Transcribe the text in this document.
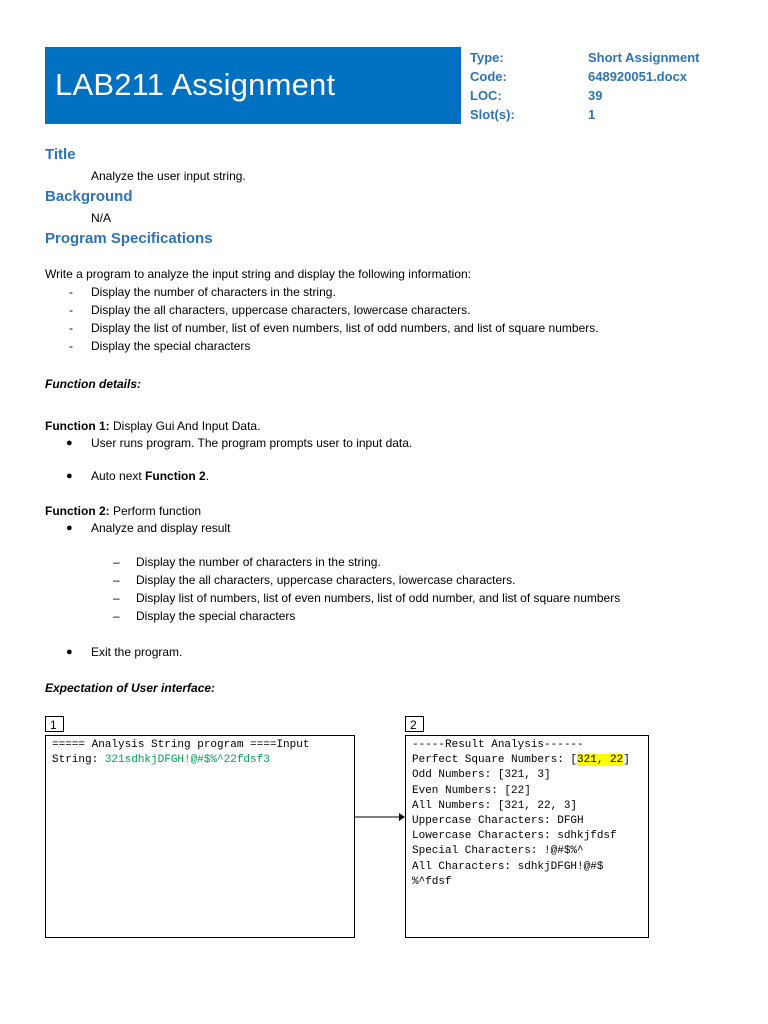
LAB211 Assignment
Type:	Short Assignment
Code:	648920051.docx
LOC:	39
Slot(s):	1
Title
Analyze the user input string.
Background
N/A
Program Specifications
Write a program to analyze the input string and display the following information:
- Display the number of characters in the string.
- Display the all characters, uppercase characters, lowercase characters.
- Display the list of number, list of even numbers, list of odd numbers, and list of square numbers.
- Display the special characters
Function details:
Function 1: Display Gui And Input Data.
● User runs program. The program prompts user to input data.
● Auto next Function 2.
Function 2: Perform function
● Analyze and display result
– Display the number of characters in the string.
– Display the all characters, uppercase characters, lowercase characters.
– Display list of numbers, list of even numbers, list of odd number, and list of square numbers
– Display the special characters
● Exit the program.
Expectation of User interface:
1
===== Analysis String program ====Input
String: 321sdhkjDFGH!@#$%^22fdsf3
2
-----Result Analysis------
Perfect Square Numbers: [321, 22]
Odd Numbers: [321, 3]
Even Numbers: [22]
All Numbers: [321, 22, 3]
Uppercase Characters: DFGH
Lowercase Characters: sdhkjfdsf
Special Characters: !@#$%^
All Characters: sdhkjDFGH!@#$
%^fdsf
